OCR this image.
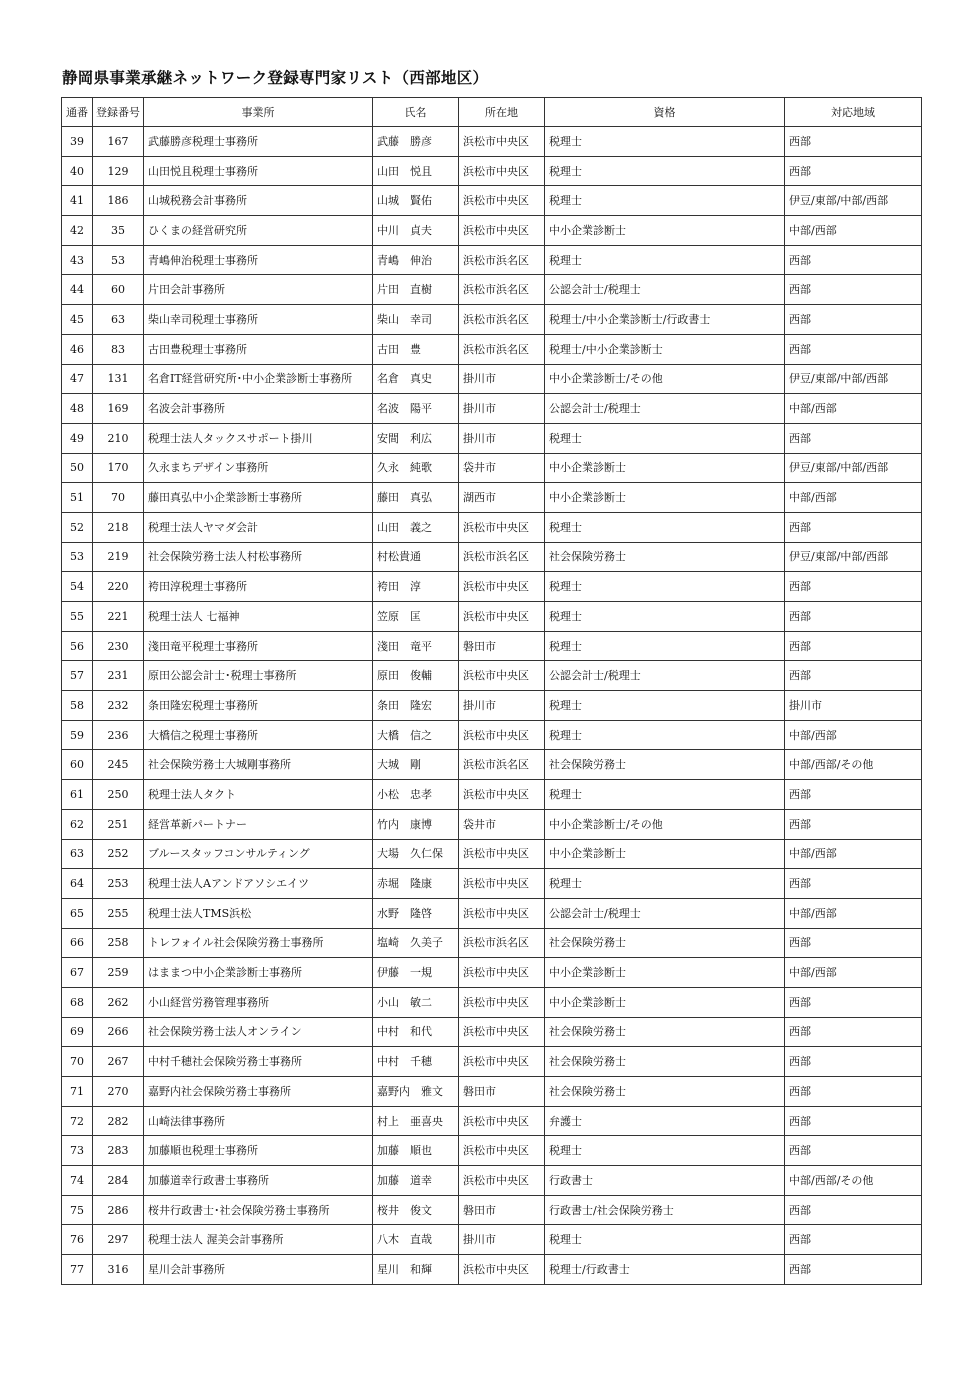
静岡県事業承継ネットワーク登録専門家リスト（西部地区）
通番	登録番号	事業所	氏名	所在地	資格	対応地域
39	167	武藤勝彦税理士事務所	武藤　勝彦	浜松市中央区	税理士	西部
40	129	山田悦且税理士事務所	山田　悦且	浜松市中央区	税理士	西部
41	186	山城税務会計事務所	山城　賢佑	浜松市中央区	税理士	伊豆/東部/中部/西部
42	35	ひくまの経営研究所	中川　貞夫	浜松市中央区	中小企業診断士	中部/西部
43	53	青嶋伸治税理士事務所	青嶋　伸治	浜松市浜名区	税理士	西部
44	60	片田会計事務所	片田　直樹	浜松市浜名区	公認会計士/税理士	西部
45	63	柴山幸司税理士事務所	柴山　幸司	浜松市浜名区	税理士/中小企業診断士/行政書士	西部
46	83	古田豊税理士事務所	古田　豊	浜松市浜名区	税理士/中小企業診断士	西部
47	131	名倉IT経営研究所･中小企業診断士事務所	名倉　真史	掛川市	中小企業診断士/その他	伊豆/東部/中部/西部
48	169	名波会計事務所	名波　陽平	掛川市	公認会計士/税理士	中部/西部
49	210	税理士法人タックスサポート掛川	安間　利広	掛川市	税理士	西部
50	170	久永まちデザイン事務所	久永　純歌	袋井市	中小企業診断士	伊豆/東部/中部/西部
51	70	藤田真弘中小企業診断士事務所	藤田　真弘	湖西市	中小企業診断士	中部/西部
52	218	税理士法人ヤマダ会計	山田　義之	浜松市中央区	税理士	西部
53	219	社会保険労務士法人村松事務所	村松貴通	浜松市浜名区	社会保険労務士	伊豆/東部/中部/西部
54	220	袴田淳税理士事務所	袴田　淳	浜松市中央区	税理士	西部
55	221	税理士法人 七福神	笠原　匡	浜松市中央区	税理士	西部
56	230	淺田竜平税理士事務所	淺田　竜平	磐田市	税理士	西部
57	231	原田公認会計士･税理士事務所	原田　俊輔	浜松市中央区	公認会計士/税理士	西部
58	232	条田隆宏税理士事務所	条田　隆宏	掛川市	税理士	掛川市
59	236	大橋信之税理士事務所	大橋　信之	浜松市中央区	税理士	中部/西部
60	245	社会保険労務士大城剛事務所	大城　剛	浜松市浜名区	社会保険労務士	中部/西部/その他
61	250	税理士法人タクト	小松　忠孝	浜松市中央区	税理士	西部
62	251	経営革新パートナー	竹内　康博	袋井市	中小企業診断士/その他	西部
63	252	ブルースタッフコンサルティング	大場　久仁保	浜松市中央区	中小企業診断士	中部/西部
64	253	税理士法人Aアンドアソシエイツ	赤堀　隆康	浜松市中央区	税理士	西部
65	255	税理士法人TMS浜松	水野　隆啓	浜松市中央区	公認会計士/税理士	中部/西部
66	258	トレフォイル社会保険労務士事務所	塩崎　久美子	浜松市浜名区	社会保険労務士	西部
67	259	はままつ中小企業診断士事務所	伊藤　一規	浜松市中央区	中小企業診断士	中部/西部
68	262	小山経営労務管理事務所	小山　敏二	浜松市中央区	中小企業診断士	西部
69	266	社会保険労務士法人オンライン	中村　和代	浜松市中央区	社会保険労務士	西部
70	267	中村千穂社会保険労務士事務所	中村　千穂	浜松市中央区	社会保険労務士	西部
71	270	嘉野内社会保険労務士事務所	嘉野内　雅文	磐田市	社会保険労務士	西部
72	282	山崎法律事務所	村上　亜喜央	浜松市中央区	弁護士	西部
73	283	加藤順也税理士事務所	加藤　順也	浜松市中央区	税理士	西部
74	284	加藤道幸行政書士事務所	加藤　道幸	浜松市中央区	行政書士	中部/西部/その他
75	286	桜井行政書士･社会保険労務士事務所	桜井　俊文	磐田市	行政書士/社会保険労務士	西部
76	297	税理士法人 渥美会計事務所	八木　直哉	掛川市	税理士	西部
77	316	星川会計事務所	星川　和輝	浜松市中央区	税理士/行政書士	西部
